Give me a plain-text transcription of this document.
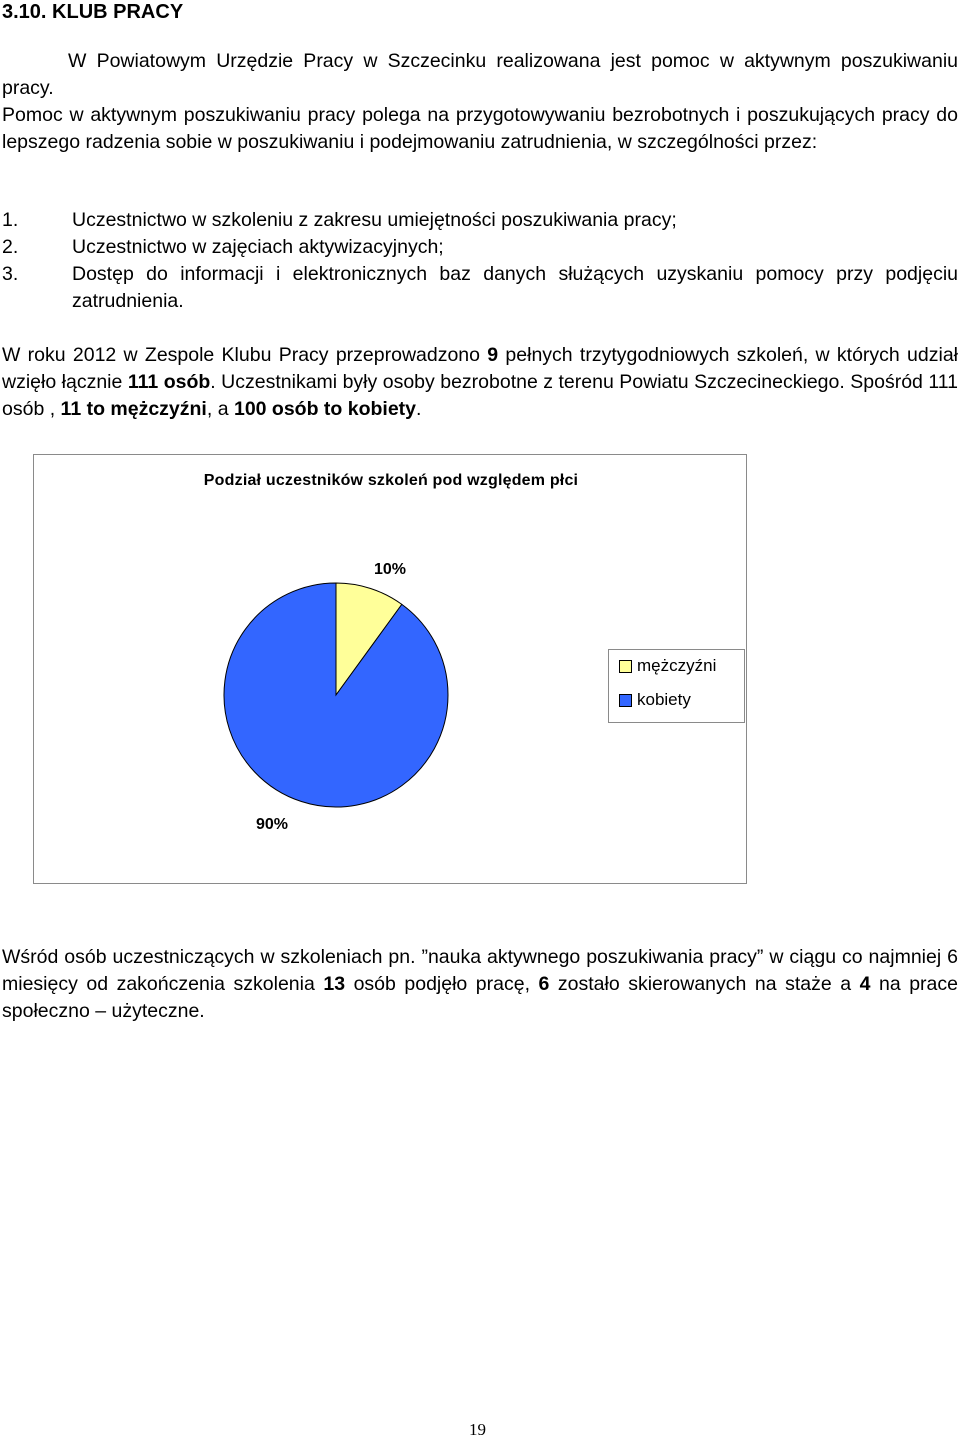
3.10. KLUB PRACY
W Powiatowym Urzędzie Pracy w Szczecinku realizowana jest pomoc w aktywnym poszukiwaniu pracy.
Pomoc w aktywnym poszukiwaniu pracy polega na przygotowywaniu bezrobotnych i poszukujących pracy do lepszego radzenia sobie w poszukiwaniu i podejmowaniu zatrudnienia, w szczególności przez:
1.	Uczestnictwo w szkoleniu z zakresu umiejętności poszukiwania pracy;
2.	Uczestnictwo w zajęciach aktywizacyjnych;
3.	Dostęp do informacji i elektronicznych baz danych służących uzyskaniu pomocy przy podjęciu zatrudnienia.
W roku 2012 w Zespole Klubu Pracy przeprowadzono 9 pełnych trzytygodniowych szkoleń, w których udział wzięło łącznie 111 osób. Uczestnikami były osoby bezrobotne z terenu Powiatu Szczecineckiego. Spośród 111 osób , 11 to mężczyźni, a 100 osób to kobiety.
Podział uczestników szkoleń pod względem płci
10%
90%
mężczyźni
kobiety
Wśród osób uczestniczących w szkoleniach pn. ”nauka aktywnego poszukiwania pracy” w ciągu co najmniej 6 miesięcy od zakończenia szkolenia 13 osób podjęło pracę, 6 zostało skierowanych na staże a 4 na prace społeczno – użyteczne.
19
